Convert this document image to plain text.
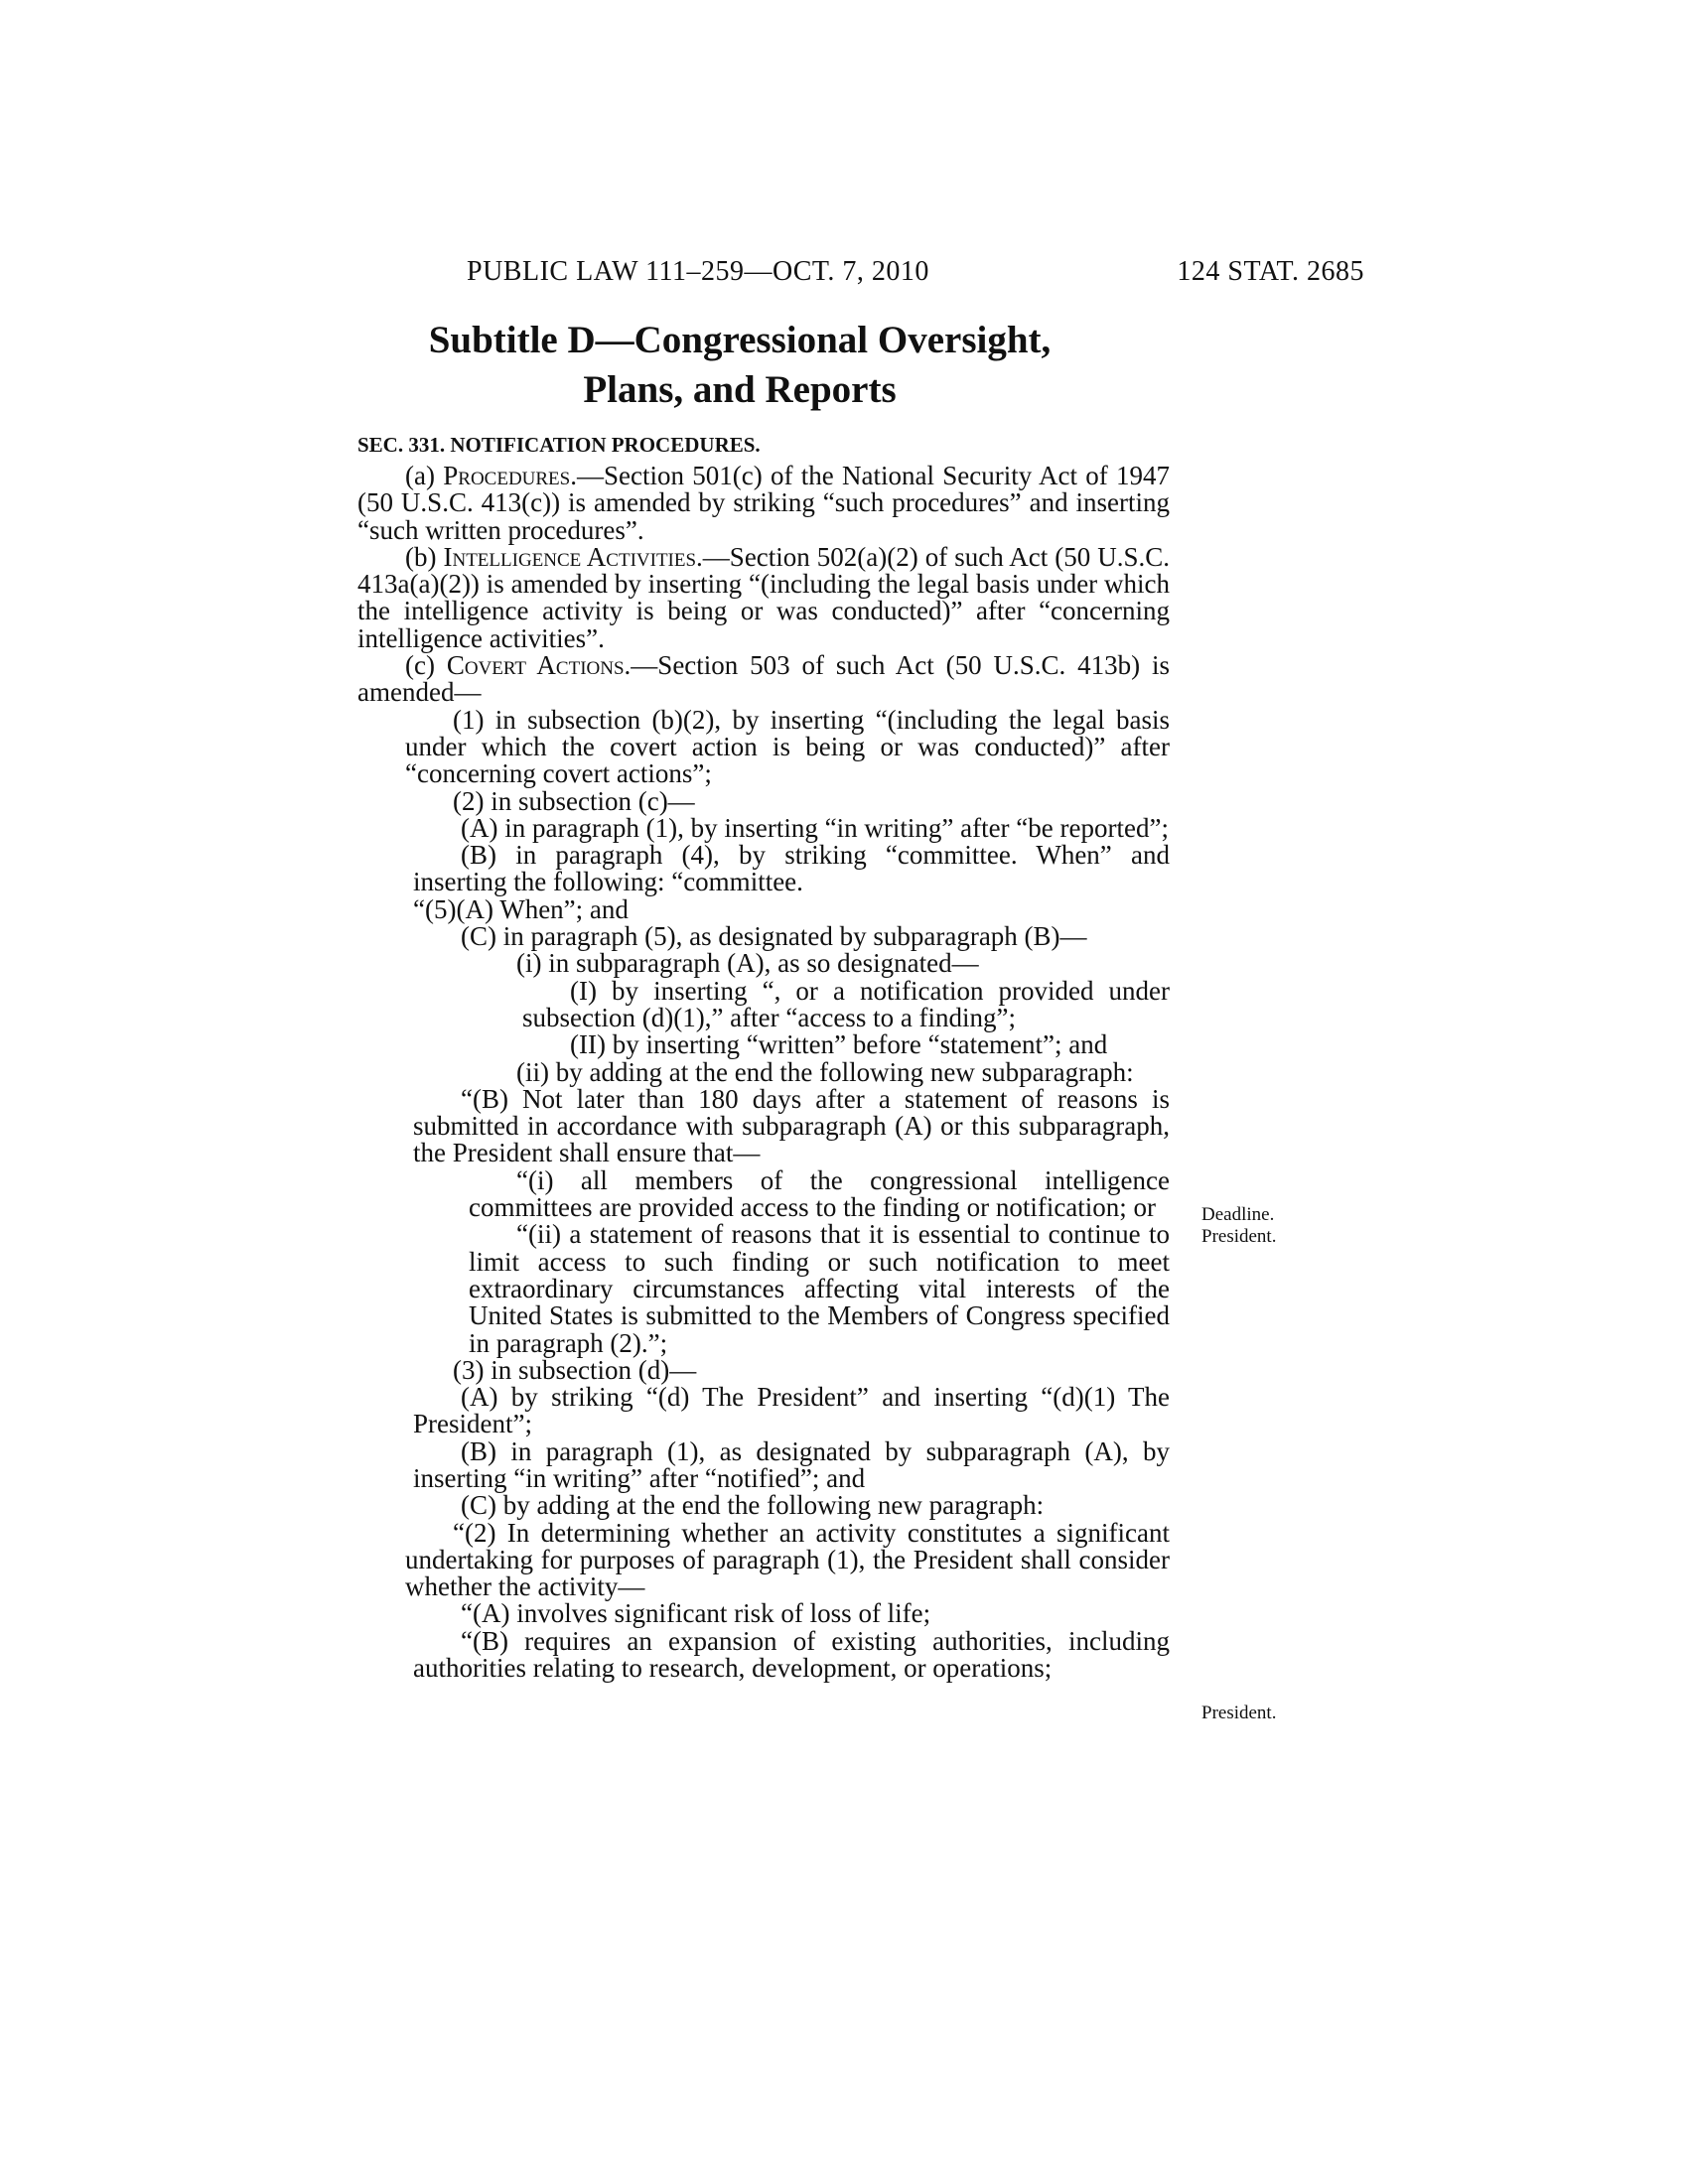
PUBLIC LAW 111–259—OCT. 7, 2010	124 STAT. 2685
Subtitle D—Congressional Oversight,
Plans, and Reports
SEC. 331. NOTIFICATION PROCEDURES.

(a) Procedures.—Section 501(c) of the National Security Act of 1947 (50 U.S.C. 413(c)) is amended by striking “such procedures” and inserting “such written procedures”.

(b) Intelligence Activities.—Section 502(a)(2) of such Act (50 U.S.C. 413a(a)(2)) is amended by inserting “(including the legal basis under which the intelligence activity is being or was conducted)” after “concerning intelligence activities”.

(c) Covert Actions.—Section 503 of such Act (50 U.S.C. 413b) is amended—

(1) in subsection (b)(2), by inserting “(including the legal basis under which the covert action is being or was conducted)” after “concerning covert actions”;

(2) in subsection (c)—

(A) in paragraph (1), by inserting “in writing” after “be reported”;

(B) in paragraph (4), by striking “committee. When” and inserting the following: “committee.

“(5)(A) When”; and

(C) in paragraph (5), as designated by subparagraph (B)—

(i) in subparagraph (A), as so designated—

(I) by inserting “, or a notification provided under subsection (d)(1),” after “access to a finding”;

(II) by inserting “written” before “statement”; and

(ii) by adding at the end the following new subparagraph:

“(B) Not later than 180 days after a statement of reasons is submitted in accordance with subparagraph (A) or this subparagraph, the President shall ensure that—

“(i) all members of the congressional intelligence committees are provided access to the finding or notification; or

“(ii) a statement of reasons that it is essential to continue to limit access to such finding or such notification to meet extraordinary circumstances affecting vital interests of the United States is submitted to the Members of Congress specified in paragraph (2).”;

(3) in subsection (d)—

(A) by striking “(d) The President” and inserting “(d)(1) The President”;

(B) in paragraph (1), as designated by subparagraph (A), by inserting “in writing” after “notified”; and

(C) by adding at the end the following new paragraph:

“(2) In determining whether an activity constitutes a significant undertaking for purposes of paragraph (1), the President shall consider whether the activity—

“(A) involves significant risk of loss of life;

“(B) requires an expansion of existing authorities, including authorities relating to research, development, or operations;

Deadline.
President.
President.
